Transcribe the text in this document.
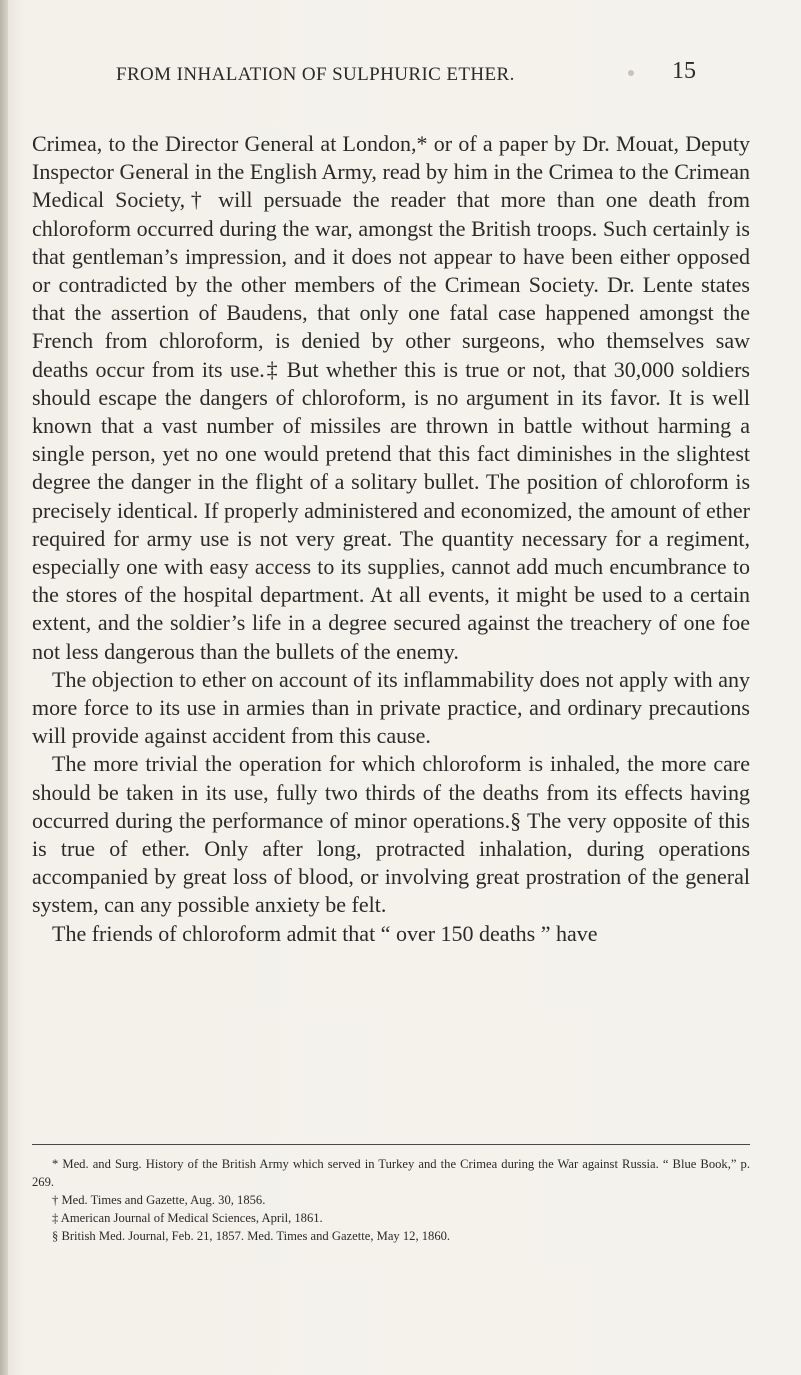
FROM INHALATION OF SULPHURIC ETHER.	15

Crimea, to the Director General at London,* or of a paper by Dr. Mouat, Deputy Inspector General in the English Army, read by him in the Crimea to the Crimean Medical Society,† will persuade the reader that more than one death from chloroform occurred during the war, amongst the British troops. Such certainly is that gentleman’s impression, and it does not appear to have been either opposed or contradicted by the other members of the Crimean Society. Dr. Lente states that the assertion of Baudens, that only one fatal case happened amongst the French from chloroform, is denied by other surgeons, who themselves saw deaths occur from its use.‡ But whether this is true or not, that 30,000 soldiers should escape the dangers of chloroform, is no argument in its favor. It is well known that a vast number of missiles are thrown in battle without harming a single person, yet no one would pretend that this fact diminishes in the slightest degree the danger in the flight of a solitary bullet. The position of chloroform is precisely identical. If properly administered and economized, the amount of ether required for army use is not very great. The quantity necessary for a regiment, especially one with easy access to its supplies, cannot add much encumbrance to the stores of the hospital department. At all events, it might be used to a certain extent, and the soldier’s life in a degree secured against the treachery of one foe not less dangerous than the bullets of the enemy.

The objection to ether on account of its inflammability does not apply with any more force to its use in armies than in private practice, and ordinary precautions will provide against accident from this cause.

The more trivial the operation for which chloroform is inhaled, the more care should be taken in its use, fully two thirds of the deaths from its effects having occurred during the performance of minor operations.§ The very opposite of this is true of ether. Only after long, protracted inhalation, during operations accompanied by great loss of blood, or involving great prostration of the general system, can any possible anxiety be felt.

The friends of chloroform admit that “ over 150 deaths ” have

* Med. and Surg. History of the British Army which served in Turkey and the Crimea during the War against Russia. “ Blue Book,” p. 269.

† Med. Times and Gazette, Aug. 30, 1856.

‡ American Journal of Medical Sciences, April, 1861.

§ British Med. Journal, Feb. 21, 1857. Med. Times and Gazette, May 12, 1860.
